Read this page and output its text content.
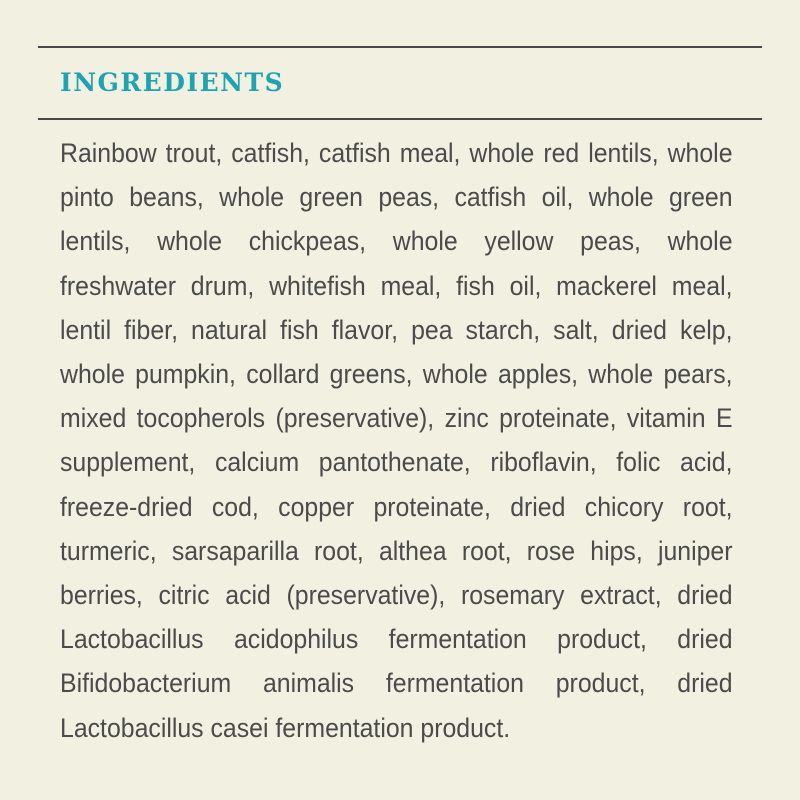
INGREDIENTS

Rainbow trout, catfish, catfish meal, whole red lentils, whole pinto beans, whole green peas, catfish oil, whole green lentils, whole chickpeas, whole yellow peas, whole freshwater drum, whitefish meal, fish oil, mackerel meal, lentil fiber, natural fish flavor, pea starch, salt, dried kelp, whole pumpkin, collard greens, whole apples, whole pears, mixed tocopherols (preservative), zinc proteinate, vitamin E supplement, calcium pantothenate, riboflavin, folic acid, freeze-dried cod, copper proteinate, dried chicory root, turmeric, sarsaparilla root, althea root, rose hips, juniper berries, citric acid (preservative), rosemary extract, dried Lactobacillus acidophilus fermentation product, dried Bifidobacterium animalis fermentation product, dried Lactobacillus casei fermentation product.
